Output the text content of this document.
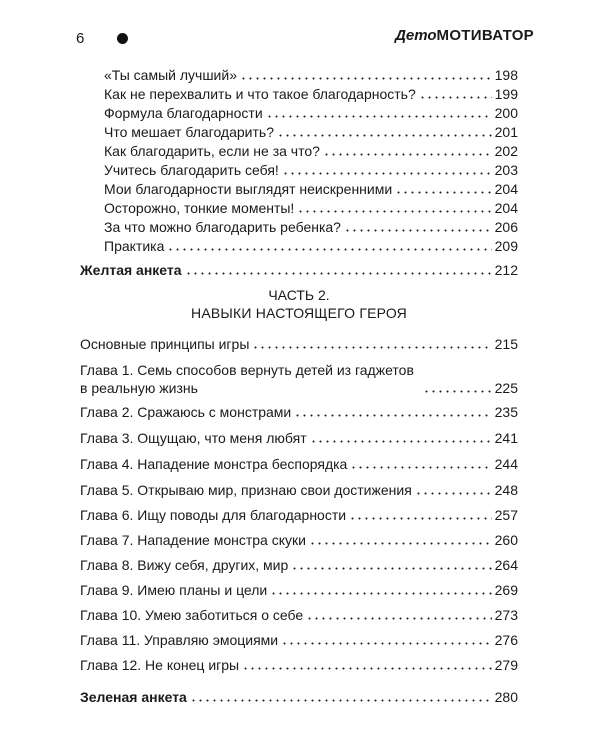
6	ДетоМОТИВАТОР
«Ты самый лучший»	198
Как не перехвалить и что такое благодарность?	199
Формула благодарности	200
Что мешает благодарить?	201
Как благодарить, если не за что?	202
Учитесь благодарить себя!	203
Мои благодарности выглядят неискренними	204
Осторожно, тонкие моменты!	204
За что можно благодарить ребенка?	206
Практика	209
Желтая анкета	212
ЧАСТЬ 2.
НАВЫКИ НАСТОЯЩЕГО ГЕРОЯ
Основные принципы игры	215
Глава 1. Семь способов вернуть детей из гаджетов в реальную жизнь	225
Глава 2. Сражаюсь с монстрами	235
Глава 3. Ощущаю, что меня любят	241
Глава 4. Нападение монстра беспорядка	244
Глава 5. Открываю мир, признаю свои достижения	248
Глава 6. Ищу поводы для благодарности	257
Глава 7. Нападение монстра скуки	260
Глава 8. Вижу себя, других, мир	264
Глава 9. Имею планы и цели	269
Глава 10. Умею заботиться о себе	273
Глава 11. Управляю эмоциями	276
Глава 12. Не конец игры	279
Зеленая анкета	280
